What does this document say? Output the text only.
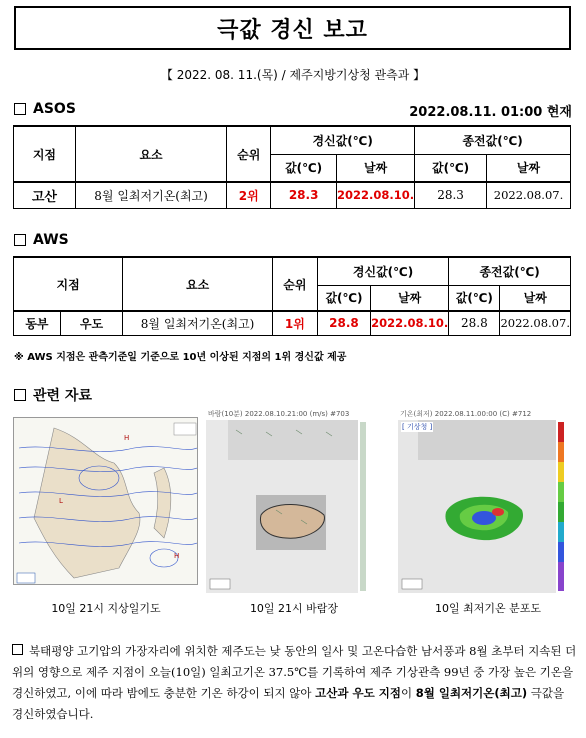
극값 경신 보고
【 2022. 08. 11.(목) / 제주지방기상청 관측과 】
ASOS	2022.08.11. 01:00 현재
지점	요소	순위	경신값(℃)		종전값(℃)	
			값(℃)	날짜	값(℃)	날짜
고산	8월 일최저기온(최고)	2위	28.3	2022.08.10.	28.3	2022.08.07.
AWS
지점		요소	순위	경신값(℃)		종전값(℃)	
				값(℃)	날짜	값(℃)	날짜
동부	우도	8월 일최저기온(최고)	1위	28.8	2022.08.10.	28.8	2022.08.07.
※ AWS 지점은 관측기준일 기준으로 10년 이상된 지점의 1위 경신값 제공
관련 자료
H
L
H
바람(10분) 2022.08.10.21:00 (m/s) #703	기온(최저) 2022.08.11.00:00 (C) #712
[ 기상청 ]
10일 21시 지상일기도	10일 21시 바람장	10일 최저기온 분포도
북태평양 고기압의 가장자리에 위치한 제주도는 낮 동안의 일사 및 고온다습한 남서풍과 8월 초부터 지속된 더위의 영향으로 제주 지점이 오늘(10일) 일최고기온 37.5℃를 기록하여 제주 기상관측 99년 중 가장 높은 기온을 경신하였고, 이에 따라 밤에도 충분한 기온 하강이 되지 않아 고산과 우도 지점이 8월 일최저기온(최고) 극값을 경신하였습니다.
